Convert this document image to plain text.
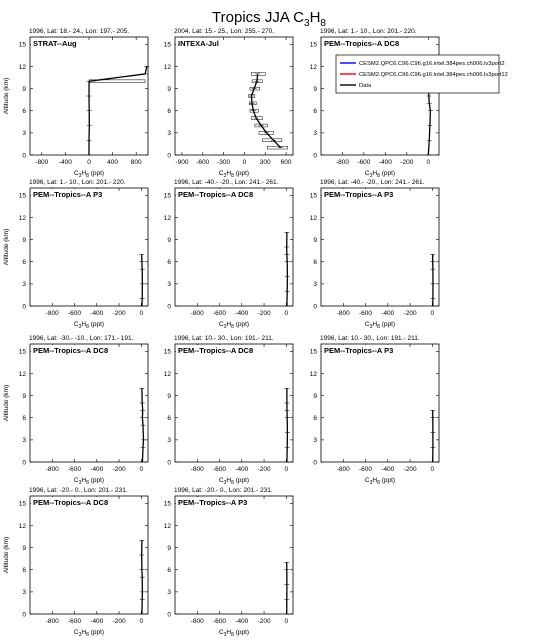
Tropics JJA $C_3H_8$
1996, Lat: 18.- 24., Lon: 197.- 205.
-800 -400 0	400 800
0
3
6
9
12
15
$C_3H_8$ (ppt)
Altitude (km)
STRAT--Aug
2004, Lat: 15.- 25., Lon: 255.- 270.
-900 -600 -300 0 300 600
0
3
6
9
12
15
$C_3H_8$ (ppt)
INTEXA-Jul
1996, Lat: 1.- 10., Lon: 201.- 220.
-800 -600 -400 -200 0
0
3
6
9
12
15
$C_3H_8$ (ppt)
PEM--Tropics--A DC8
1996, Lat: 1.- 10., Lon: 201.- 220.
-800 -600 -400 -200 0
0
3
6
9
12
15
$C_3H_8$ (ppt)
Altitude (km)
PEM--Tropics--A P3
1996, Lat: -40.- -20., Lon: 241.- 261.
-800 -600 -400 -200 0
0
3
6
9
12
15
$C_3H_8$ (ppt)
PEM--Tropics--A DC8
1996, Lat: -40.- -20., Lon: 241.- 261.
-800 -600 -400 -200 0
0
3
6
9
12
15
$C_3H_8$ (ppt)
PEM--Tropics--A P3
1996, Lat: -30.- -10., Lon: 171.- 191.
-800 -600 -400 -200 0
0
3
6
9
12
15
$C_3H_8$ (ppt)
Altitude (km)
PEM--Tropics--A DC8
1996, Lat: 10.- 30., Lon: 191.- 211.
-800 -600 -400 -200 0
0
3
6
9
12
15
$C_3H_8$ (ppt)
PEM--Tropics--A DC8
1996, Lat: 10.- 30., Lon: 191.- 211.
-800 -600 -400 -200 0
0
3
6
9
12
15
$C_3H_8$ (ppt)
PEM--Tropics--A P3
1996, Lat: -20.- 0., Lon: 201.- 231.
-800 -600 -400 -200 0
0
3
6
9
12
15
$C_3H_8$ (ppt)
Altitude (km)
PEM--Tropics--A DC8
1996, Lat: -20.- 0., Lon: 201.- 231.
-800 -600 -400 -200 0
0
3
6
9
12
15
$C_3H_8$ (ppt)
PEM--Tropics--A P3
CESM2.QPC6.C96.C96.g16.intel.384pes.ch006.lv3port2
CESM2.QPC6.C96.C96.g16.intel.384pes.ch006.lv3port12
Data
